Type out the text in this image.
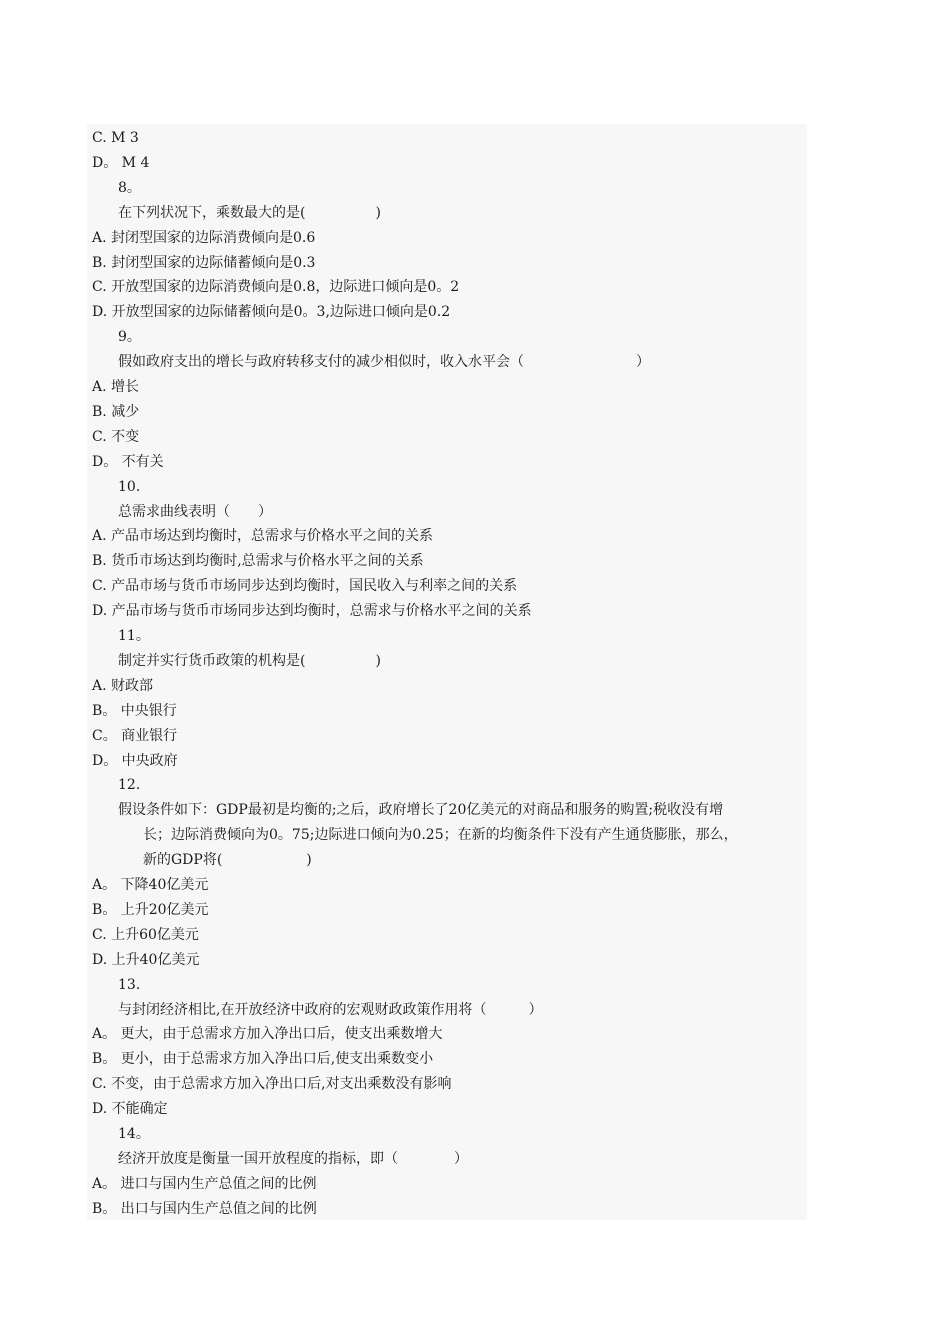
C. M 3
D。 M 4
8。
在下列状况下，乘数最大的是(　　　　　)
A. 封闭型国家的边际消费倾向是0.6
B. 封闭型国家的边际储蓄倾向是0.3
C. 开放型国家的边际消费倾向是0.8，边际进口倾向是0。2
D. 开放型国家的边际储蓄倾向是0。3,边际进口倾向是0.2
9。
假如政府支出的增长与政府转移支付的减少相似时，收入水平会（　　　　　　　　）
A. 增长
B. 减少
C. 不变
D。 不有关
10.
总需求曲线表明（　　）
A. 产品市场达到均衡时，总需求与价格水平之间的关系
B. 货币市场达到均衡时,总需求与价格水平之间的关系
C. 产品市场与货币市场同步达到均衡时，国民收入与利率之间的关系
D. 产品市场与货币市场同步达到均衡时，总需求与价格水平之间的关系
11。
制定并实行货币政策的机构是(　　　　　)
A. 财政部
B。 中央银行
C。 商业银行
D。 中央政府
12.
假设条件如下：GDP最初是均衡的;之后，政府增长了20亿美元的对商品和服务的购置;税收没有增
长；边际消费倾向为0。75;边际进口倾向为0.25；在新的均衡条件下没有产生通货膨胀，那么，
新的GDP将(　　　　　　)
A。 下降40亿美元
B。 上升20亿美元
C. 上升60亿美元
D. 上升40亿美元
13.
与封闭经济相比,在开放经济中政府的宏观财政政策作用将（　　　）
A。 更大，由于总需求方加入净出口后，使支出乘数增大
B。 更小，由于总需求方加入净出口后,使支出乘数变小
C. 不变，由于总需求方加入净出口后,对支出乘数没有影响
D. 不能确定
14。
经济开放度是衡量一国开放程度的指标，即（　　　　）
A。 进口与国内生产总值之间的比例
B。 出口与国内生产总值之间的比例
